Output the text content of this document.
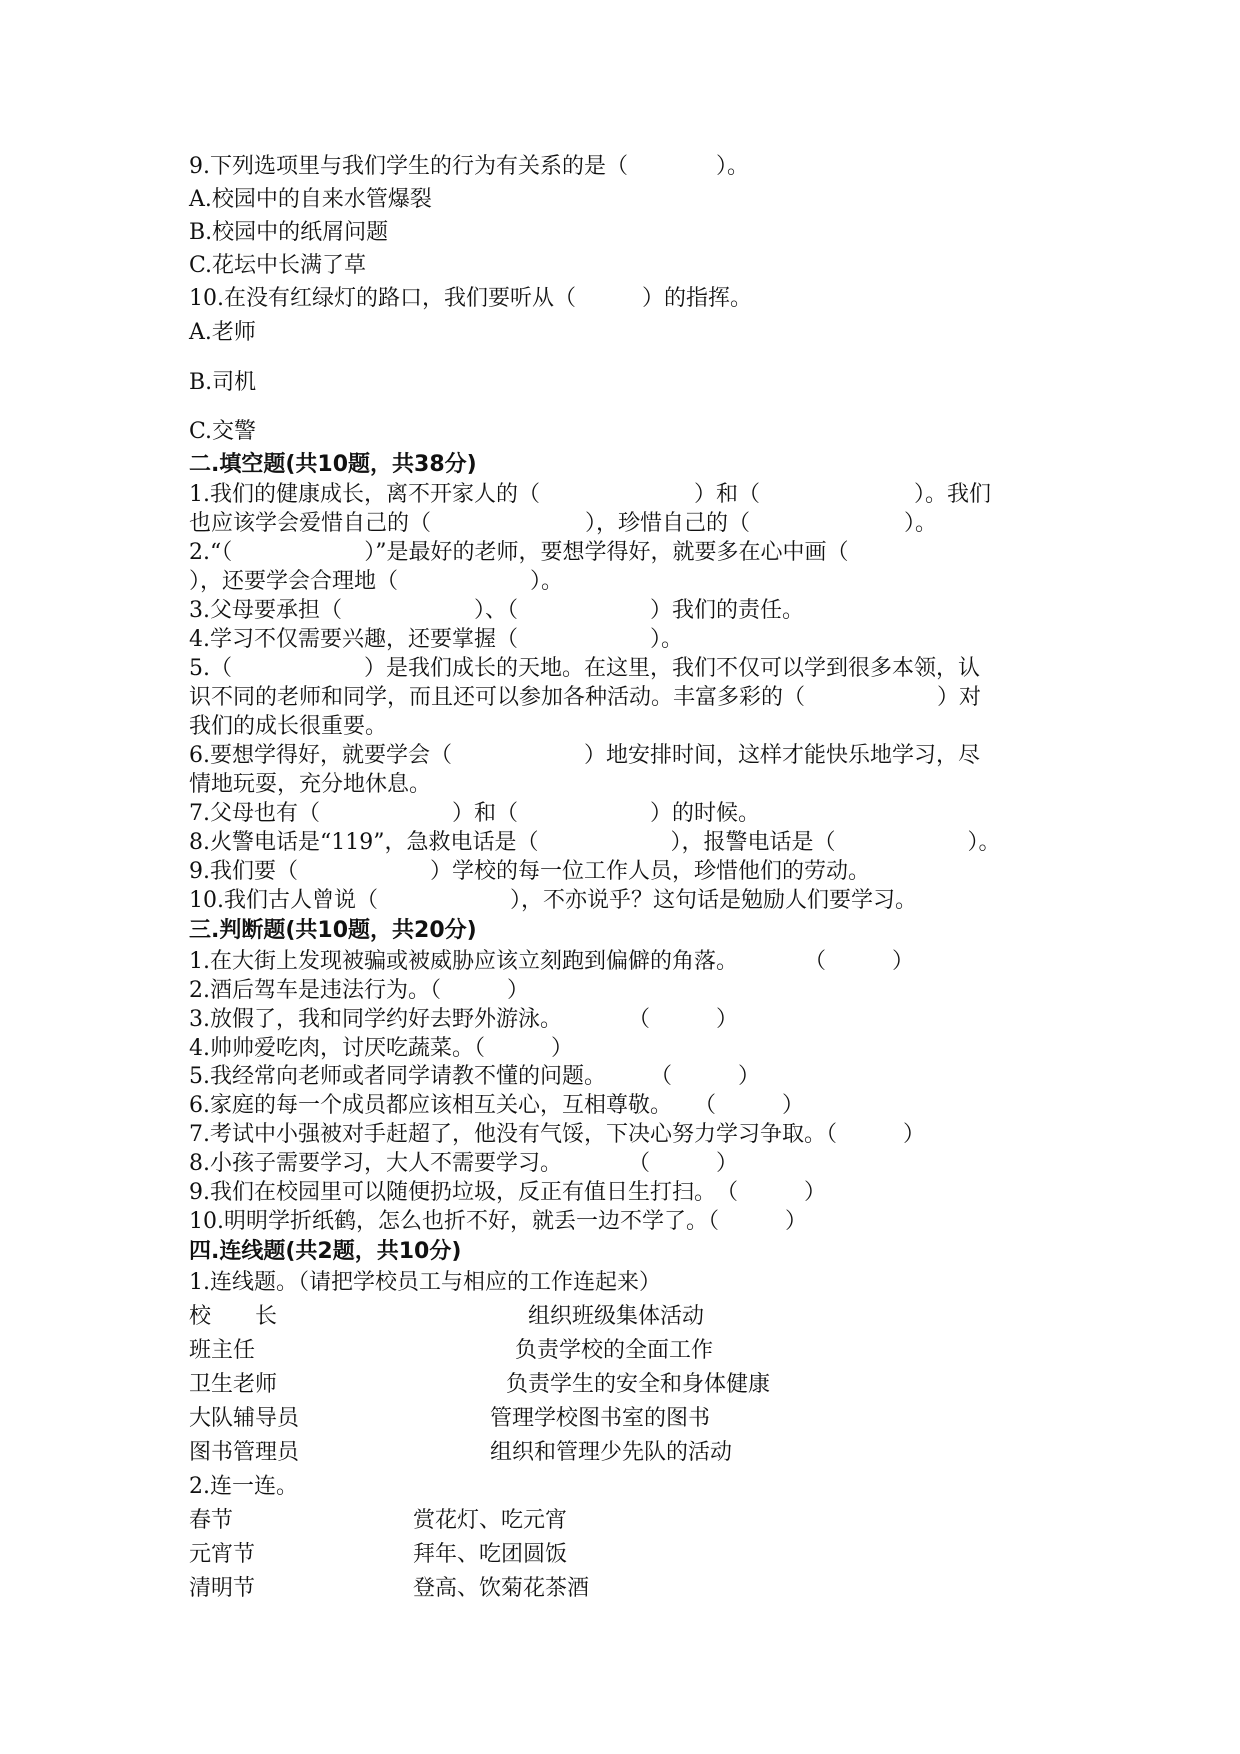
9.下列选项里与我们学生的行为有关系的是（　　　　）。
A.校园中的自来水管爆裂
B.校园中的纸屑问题
C.花坛中长满了草
10.在没有红绿灯的路口，我们要听从（　　　）的指挥。
A.老师
B.司机
C.交警
二.填空题(共10题，共38分)
1.我们的健康成长，离不开家人的（　　　　　　　）和（　　　　　　　）。我们
也应该学会爱惜自己的（　　　　　　　），珍惜自己的（　　　　　　　）。
2.“（　　　　　　）”是最好的老师，要想学得好，就要多在心中画（
），还要学会合理地（　　　　　　）。
3.父母要承担（　　　　　　）、（　　　　　　）我们的责任。
4.学习不仅需要兴趣，还要掌握（　　　　　　）。
5.（　　　　　　）是我们成长的天地。在这里，我们不仅可以学到很多本领，认
识不同的老师和同学，而且还可以参加各种活动。丰富多彩的（　　　　　　）对
我们的成长很重要。
6.要想学得好，就要学会（　　　　　　）地安排时间，这样才能快乐地学习，尽
情地玩耍，充分地休息。
7.父母也有（　　　　　　）和（　　　　　　）的时候。
8.火警电话是“119”，急救电话是（　　　　　　），报警电话是（　　　　　　）。
9.我们要（　　　　　　）学校的每一位工作人员，珍惜他们的劳动。
10.我们古人曾说（　　　　　　），不亦说乎？这句话是勉励人们要学习。
三.判断题(共10题，共20分)
1.在大街上发现被骗或被威胁应该立刻跑到偏僻的角落。　　　　（　　　）
2.酒后驾车是违法行为。（　　　）
3.放假了，我和同学约好去野外游泳。　　　　（　　　）
4.帅帅爱吃肉，讨厌吃蔬菜。（　　　）
5.我经常向老师或者同学请教不懂的问题。　　　（　　　）
6.家庭的每一个成员都应该相互关心，互相尊敬。　　（　　　）
7.考试中小强被对手赶超了，他没有气馁，下决心努力学习争取。（　　　）
8.小孩子需要学习，大人不需要学习。　　　　（　　　）
9.我们在校园里可以随便扔垃圾，反正有值日生打扫。　（　　　）
10.明明学折纸鹤，怎么也折不好，就丢一边不学了。（　　　）
四.连线题(共2题，共10分)
1.连线题。（请把学校员工与相应的工作连起来）
校　　长	组织班级集体活动
班主任	负责学校的全面工作
卫生老师	负责学生的安全和身体健康
大队辅导员	管理学校图书室的图书
图书管理员	组织和管理少先队的活动
2.连一连。
春节	赏花灯、吃元宵
元宵节	拜年、吃团圆饭
清明节	登高、饮菊花茶酒
